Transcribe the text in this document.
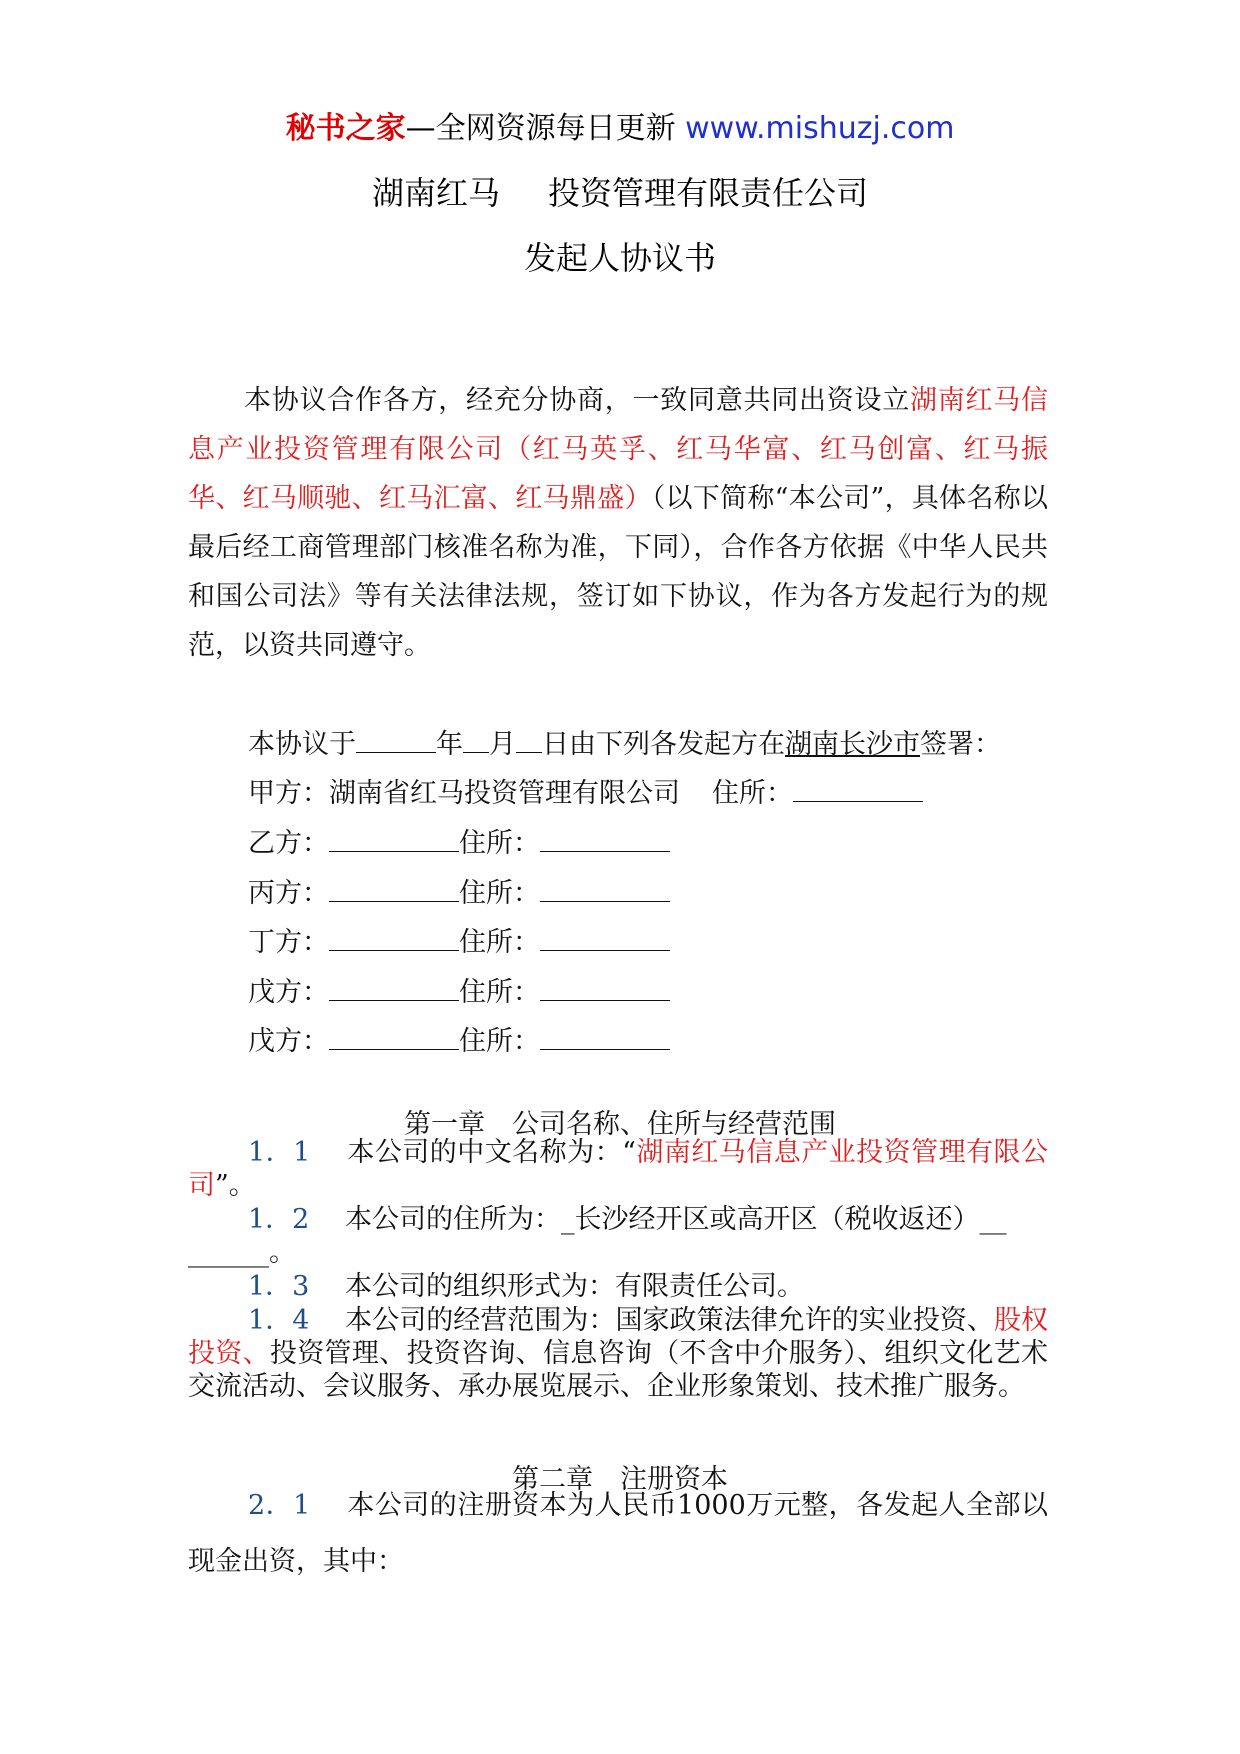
秘书之家—全网资源每日更新 www.mishuzj.com
湖南红马 投资管理有限责任公司
发起人协议书
本协议合作各方，经充分协商，一致同意共同出资设立湖南红马信息产业投资管理有限公司（红马英孚、红马华富、红马创富、红马振华、红马顺驰、红马汇富、红马鼎盛）（以下简称“本公司”，具体名称以最后经工商管理部门核准名称为准，下同），合作各方依据《中华人民共和国公司法》等有关法律法规，签订如下协议，作为各方发起行为的规范，以资共同遵守。
本协议于	年 月 日由下列各发起方在湖南长沙市签署：
甲方：湖南省红马投资管理有限公司 住所：
乙方：	住所：
丙方：	住所：
丁方：	住所：
戊方：	住所：
戊方：	住所：
第一章　公司名称、住所与经营范围
1．1　 本公司的中文名称为：“湖南红马信息产业投资管理有限公司”。
1．2　 本公司的住所为：_长沙经开区或高开区（税收返还）__
______。
1．3　 本公司的组织形式为：有限责任公司。
1．4　 本公司的经营范围为：国家政策法律允许的实业投资、股权投资、投资管理、投资咨询、信息咨询（不含中介服务）、组织文化艺术交流活动、会议服务、承办展览展示、企业形象策划、技术推广服务。
第二章　注册资本
2．1　 本公司的注册资本为人民币1000万元整，各发起人全部以现金出资，其中：
